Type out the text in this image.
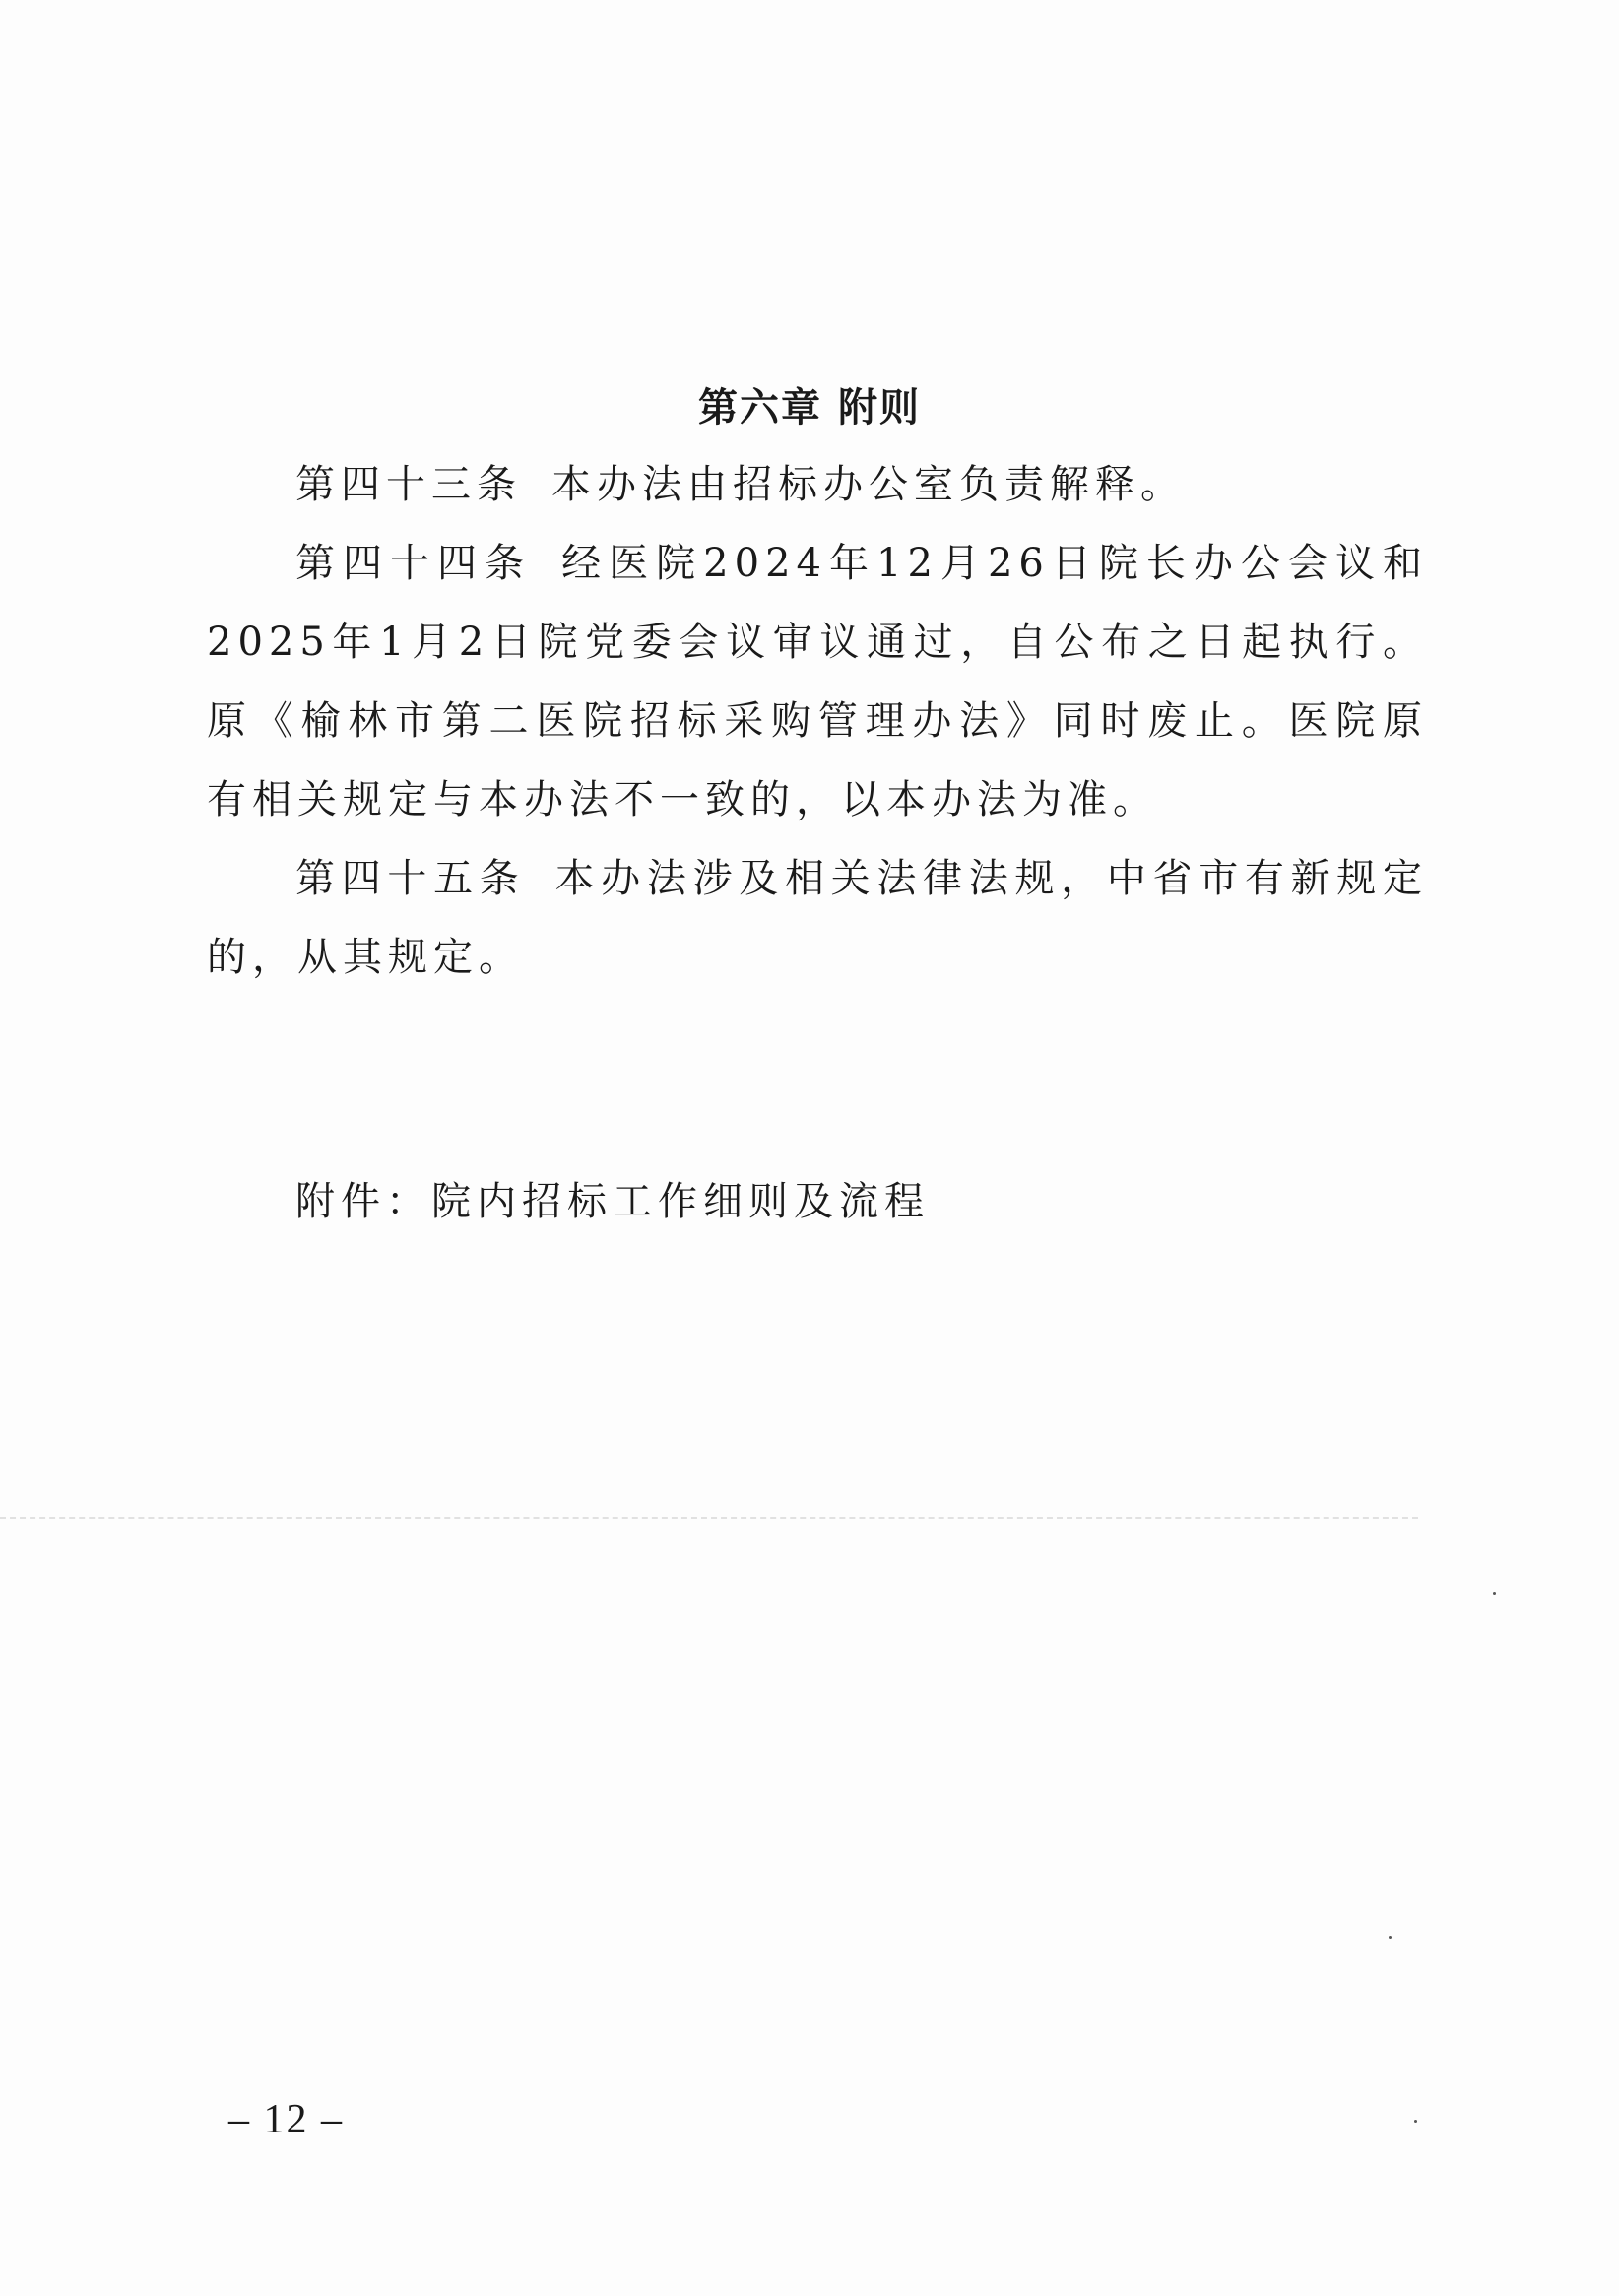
第六章 附则

第四十三条 本办法由招标办公室负责解释。

第四十四条 经医院2024年12月26日院长办公会议和2025年1月2日院党委会议审议通过，自公布之日起执行。原《榆林市第二医院招标采购管理办法》同时废止。医院原有相关规定与本办法不一致的，以本办法为准。

第四十五条 本办法涉及相关法律法规，中省市有新规定的，从其规定。

附件：院内招标工作细则及流程
– 12 –
